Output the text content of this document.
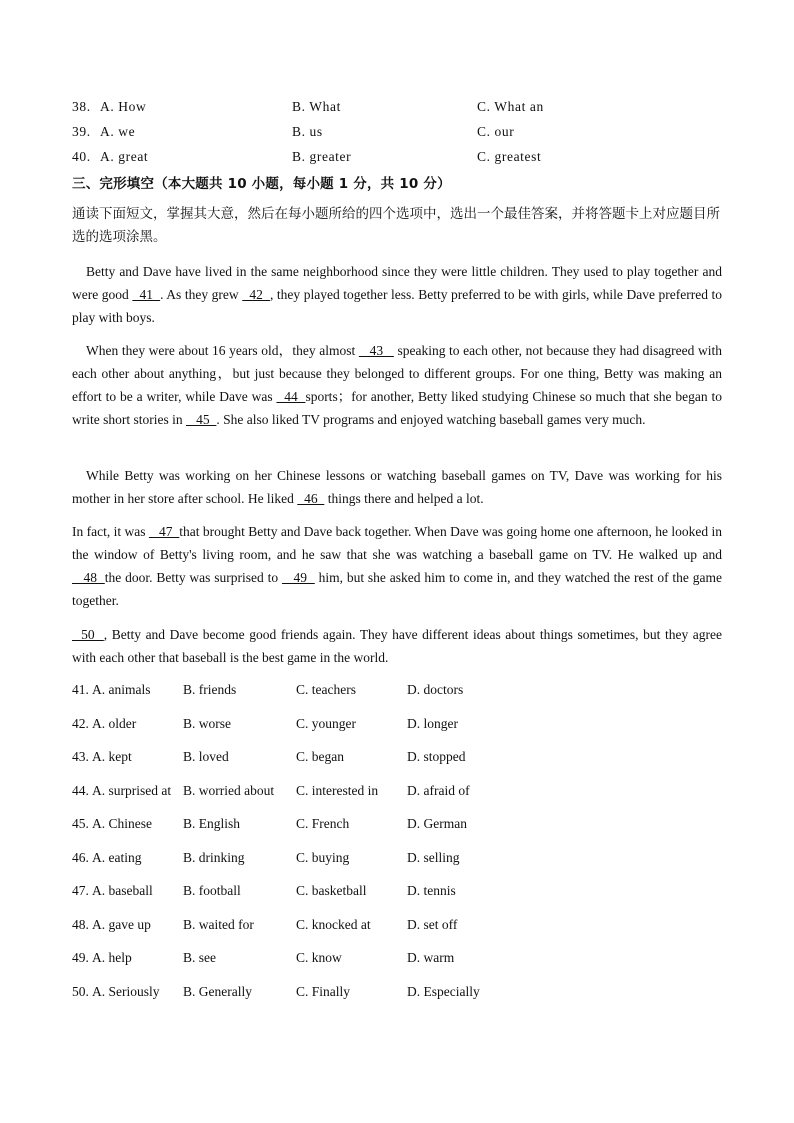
38. A. How	B. What	C. What an
39. A. we	B. us	C. our
40. A. great	B. greater	C. greatest
三、完形填空（本大题共 10 小题，每小题 1 分，共 10 分）
通读下面短文，掌握其大意，然后在每小题所给的四个选项中，选出一个最佳答案，并将答题卡上对应题目所选的选项涂黑。
Betty and Dave have lived in the same neighborhood since they were little children. They used to play together and were good   41  . As they grew   42  , they played together less. Betty preferred to be with girls, while Dave preferred to play with boys.
When they were about 16 years old，they almost    43    speaking to each other, not because they had disagreed with each other about anything，but just because they belonged to different groups. For one thing, Betty was making an effort to be a writer, while Dave was   44  sports；for another, Betty liked studying Chinese so much that she began to write short stories in    45  . She also liked TV programs and enjoyed watching baseball games very much.
While Betty was working on her Chinese lessons or watching baseball games on TV, Dave was working for his mother in her store after school. He liked   46   things there and helped a lot.
In fact, it was    47  that brought Betty and Dave back together. When Dave was going home one afternoon, he looked in the window of Betty's living room, and he saw that she was watching a baseball game on TV. He walked up and    48  the door. Betty was surprised to    49   him, but she asked him to come in, and they watched the rest of the game together.
50  , Betty and Dave become good friends again. They have different ideas about things sometimes, but they agree with each other that baseball is the best game in the world.
41. A. animals B. friends	C. teachers	D. doctors
42. A. older	B. worse	C. younger	D. longer
43. A. kept	B. loved	C. began	D. stopped
44. A. surprised at B. worried about C. interested in D. afraid of
45. A. Chinese B. English	C. French	D. German
46. A. eating	B. drinking	C. buying	D. selling
47. A. baseball B. football	C. basketball	D. tennis
48. A. gave up B. waited for	C. knocked at	D. set off
49. A. help	B. see	C. know	D. warm
50. A. Seriously B. Generally	C. Finally	D. Especially
